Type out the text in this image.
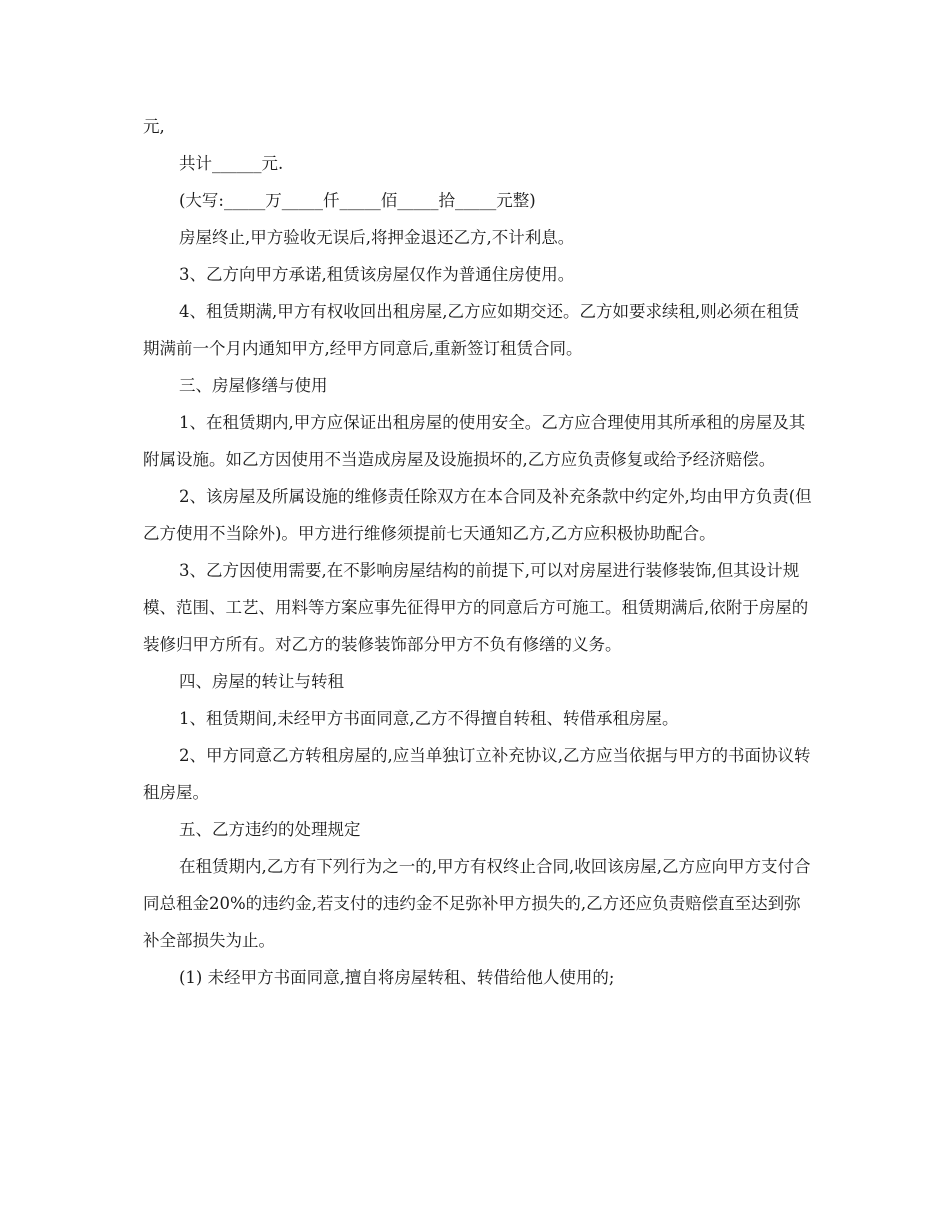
元,

共计______元.

(大写:_____万_____仟_____佰_____拾_____元整)

房屋终止,甲方验收无误后,将押金退还乙方,不计利息。

3、乙方向甲方承诺,租赁该房屋仅作为普通住房使用。

4、租赁期满,甲方有权收回出租房屋,乙方应如期交还。乙方如要求续租,则必须在租赁期满前一个月内通知甲方,经甲方同意后,重新签订租赁合同。

三、房屋修缮与使用

1、在租赁期内,甲方应保证出租房屋的使用安全。乙方应合理使用其所承租的房屋及其附属设施。如乙方因使用不当造成房屋及设施损坏的,乙方应负责修复或给予经济赔偿。

2、该房屋及所属设施的维修责任除双方在本合同及补充条款中约定外,均由甲方负责(但乙方使用不当除外)。甲方进行维修须提前七天通知乙方,乙方应积极协助配合。

3、乙方因使用需要,在不影响房屋结构的前提下,可以对房屋进行装修装饰,但其设计规模、范围、工艺、用料等方案应事先征得甲方的同意后方可施工。租赁期满后,依附于房屋的装修归甲方所有。对乙方的装修装饰部分甲方不负有修缮的义务。

四、房屋的转让与转租

1、租赁期间,未经甲方书面同意,乙方不得擅自转租、转借承租房屋。

2、甲方同意乙方转租房屋的,应当单独订立补充协议,乙方应当依据与甲方的书面协议转租房屋。

五、乙方违约的处理规定

在租赁期内,乙方有下列行为之一的,甲方有权终止合同,收回该房屋,乙方应向甲方支付合同总租金20%的违约金,若支付的违约金不足弥补甲方损失的,乙方还应负责赔偿直至达到弥补全部损失为止。

(1) 未经甲方书面同意,擅自将房屋转租、转借给他人使用的;
